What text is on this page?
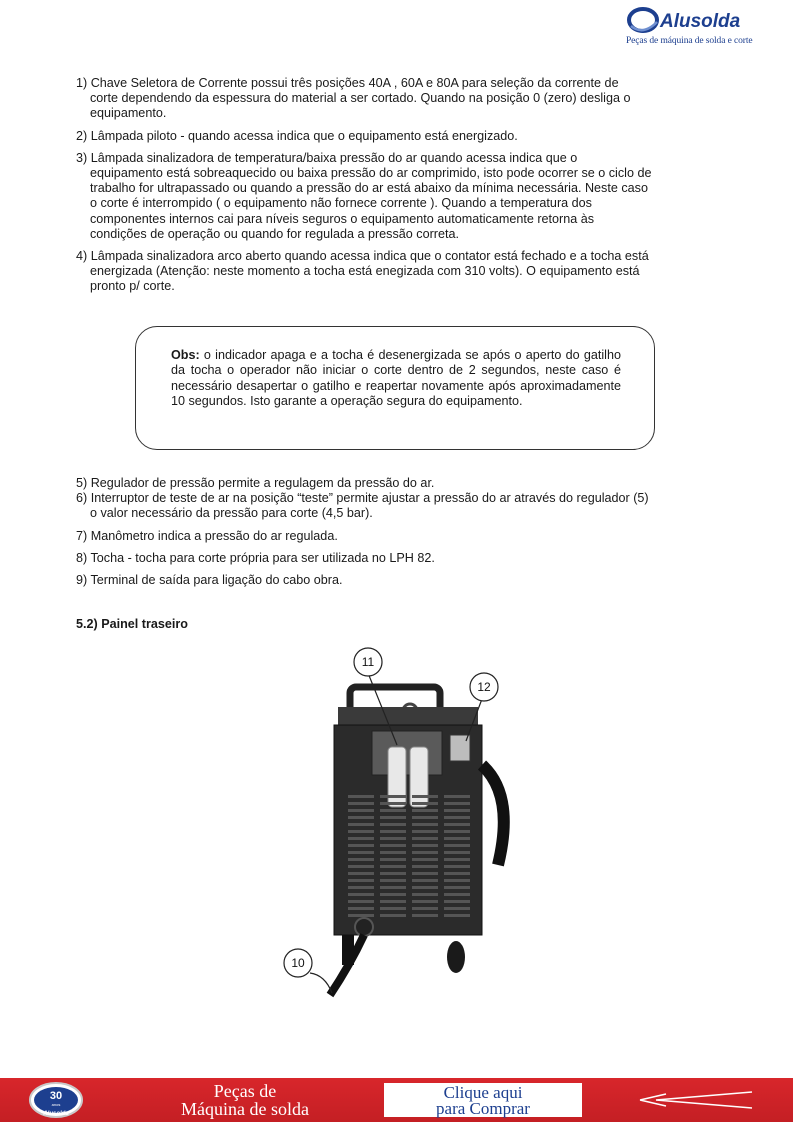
Alusolda
Peças de máquina de solda e corte
1) Chave Seletora de Corrente possui três posições 40A , 60A e 80A para seleção da corrente de
corte dependendo da espessura do material a ser cortado. Quando na posição 0 (zero) desliga o
equipamento.
2) Lâmpada piloto - quando acessa indica que o equipamento está energizado.
3) Lâmpada sinalizadora de temperatura/baixa pressão do ar quando acessa indica que o
equipamento está sobreaquecido ou baixa pressão do ar comprimido, isto pode ocorrer se o ciclo de
trabalho for ultrapassado ou quando a pressão do ar está abaixo da mínima necessária. Neste caso
o corte é interrompido ( o equipamento não fornece corrente ). Quando a temperatura dos
componentes internos cai para níveis seguros o equipamento automaticamente retorna às
condições de operação ou quando for regulada a pressão correta.
4) Lâmpada sinalizadora arco aberto quando acessa indica que o contator está fechado e a tocha está
energizada (Atenção: neste momento a tocha está enegizada com 310 volts). O equipamento está
pronto p/ corte.
Obs: o indicador apaga e a tocha é desenergizada se após o aperto do gatilho da tocha o operador não iniciar o corte dentro de 2 segundos, neste caso é necessário desapertar o gatilho e reapertar novamente após aproximadamente 10 segundos. Isto garante a operação segura do equipamento.
5) Regulador de pressão permite a regulagem da pressão do ar.
6) Interruptor de teste de ar na posição “teste” permite ajustar a pressão do ar através do regulador (5)
o valor necessário da pressão para corte (4,5 bar).
7) Manômetro indica a pressão do ar regulada.
8) Tocha - tocha para corte própria para ser utilizada no LPH 82.
9) Terminal de saída para ligação do cabo obra.
5.2) Painel traseiro
11
12
10
30
anos
Alusolda
Peças de
Máquina de solda
Clique aqui
para Comprar
